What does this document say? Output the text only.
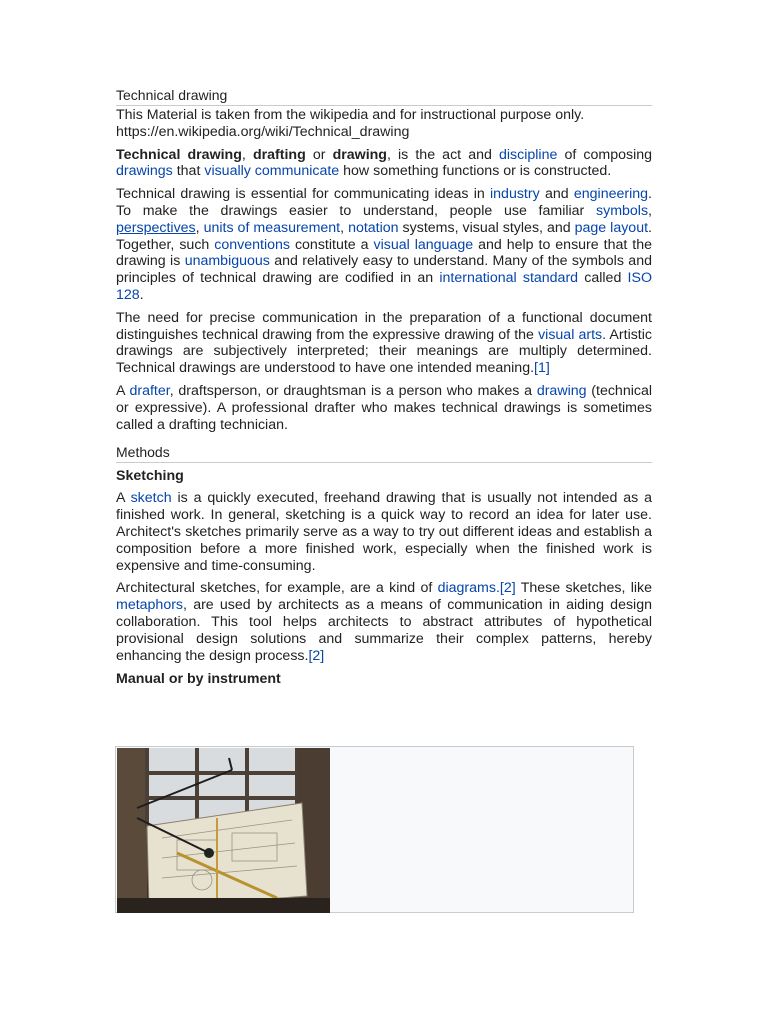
Technical drawing
This Material is taken from the wikipedia and for instructional purpose only.
https://en.wikipedia.org/wiki/Technical_drawing

Technical drawing, drafting or drawing, is the act and discipline of composing drawings that visually communicate how something functions or is constructed.

Technical drawing is essential for communicating ideas in industry and engineering. To make the drawings easier to understand, people use familiar symbols, perspectives, units of measurement, notation systems, visual styles, and page layout. Together, such conventions constitute a visual language and help to ensure that the drawing is unambiguous and relatively easy to understand. Many of the symbols and principles of technical drawing are codified in an international standard called ISO 128.

The need for precise communication in the preparation of a functional document distinguishes technical drawing from the expressive drawing of the visual arts. Artistic drawings are subjectively interpreted; their meanings are multiply determined. Technical drawings are understood to have one intended meaning.[1]

A drafter, draftsperson, or draughtsman is a person who makes a drawing (technical or expressive). A professional drafter who makes technical drawings is sometimes called a drafting technician.

Methods
Sketching

A sketch is a quickly executed, freehand drawing that is usually not intended as a finished work. In general, sketching is a quick way to record an idea for later use. Architect's sketches primarily serve as a way to try out different ideas and establish a composition before a more finished work, especially when the finished work is expensive and time-consuming.

Architectural sketches, for example, are a kind of diagrams.[2] These sketches, like metaphors, are used by architects as a means of communication in aiding design collaboration. This tool helps architects to abstract attributes of hypothetical provisional design solutions and summarize their complex patterns, hereby enhancing the design process.[2]

Manual or by instrument
